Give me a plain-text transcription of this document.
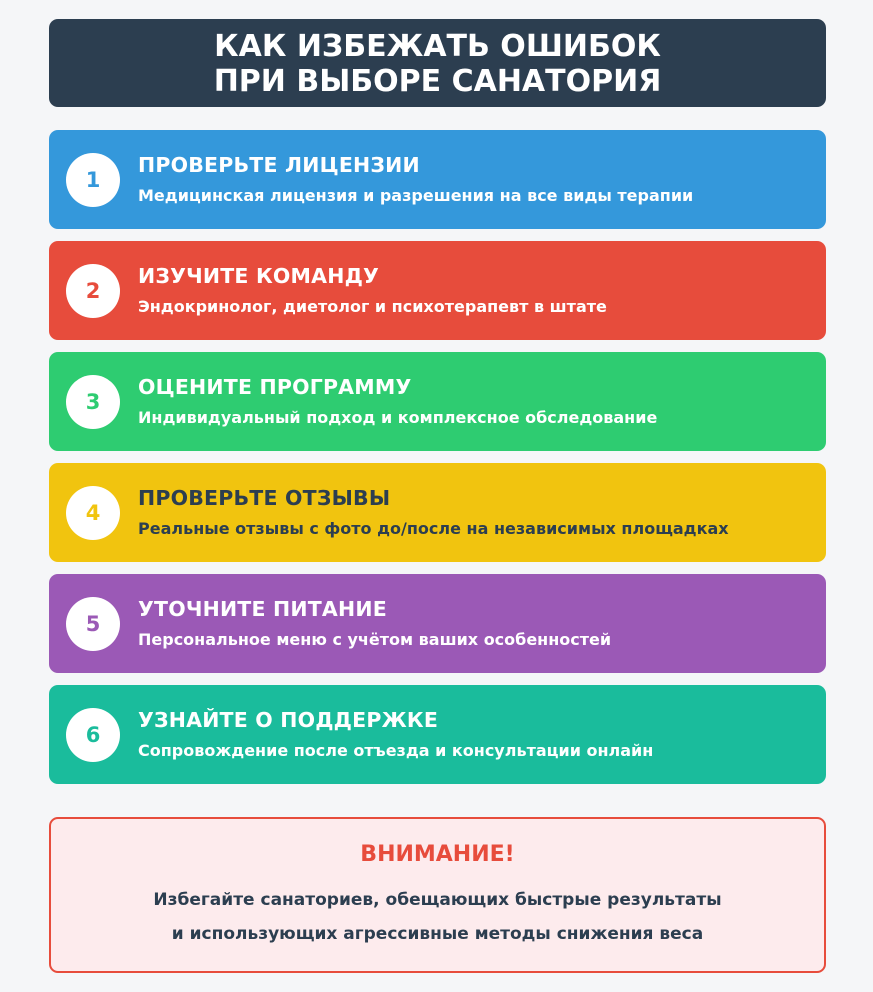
КАК ИЗБЕЖАТЬ ОШИБОК
ПРИ ВЫБОРЕ САНАТОРИЯ
1
ПРОВЕРЬТЕ ЛИЦЕНЗИИ
Медицинская лицензия и разрешения на все виды терапии
2
ИЗУЧИТЕ КОМАНДУ
Эндокринолог, диетолог и психотерапевт в штате
3
ОЦЕНИТЕ ПРОГРАММУ
Индивидуальный подход и комплексное обследование
4
ПРОВЕРЬТЕ ОТЗЫВЫ
Реальные отзывы с фото до/после на независимых площадках
5
УТОЧНИТЕ ПИТАНИЕ
Персональное меню с учётом ваших особенностей
6
УЗНАЙТЕ О ПОДДЕРЖКЕ
Сопровождение после отъезда и консультации онлайн
ВНИМАНИЕ!
Избегайте санаториев, обещающих быстрые результаты
и использующих агрессивные методы снижения веса
